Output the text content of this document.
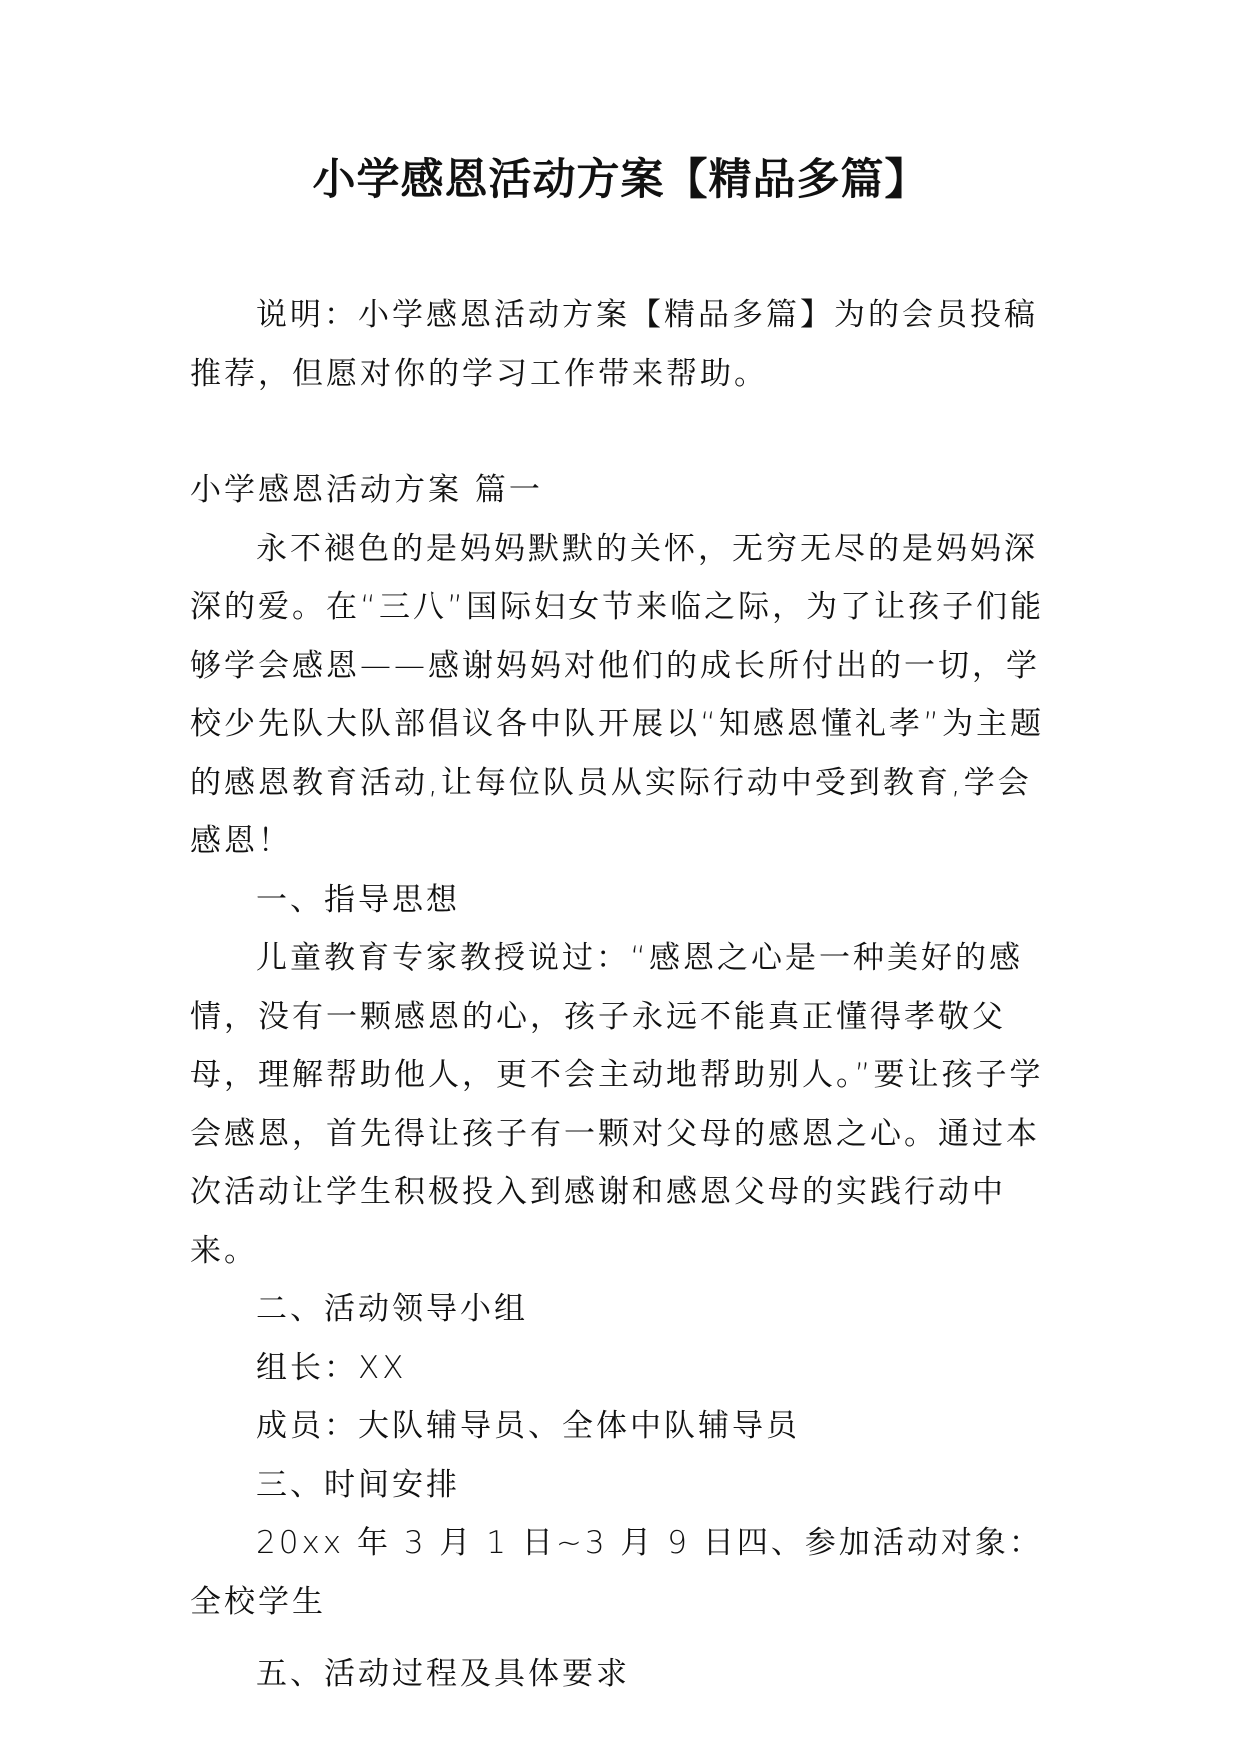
小学感恩活动方案【精品多篇】

说明：小学感恩活动方案【精品多篇】为的会员投稿推荐，但愿对你的学习工作带来帮助。

小学感恩活动方案 篇一

永不褪色的是妈妈默默的关怀，无穷无尽的是妈妈深深的爱。在“三八”国际妇女节来临之际，为了让孩子们能够学会感恩——感谢妈妈对他们的成长所付出的一切，学校少先队大队部倡议各中队开展以“知感恩懂礼孝”为主题的感恩教育活动,让每位队员从实际行动中受到教育,学会感恩！

一、指导思想

儿童教育专家教授说过：“感恩之心是一种美好的感情，没有一颗感恩的心，孩子永远不能真正懂得孝敬父母，理解帮助他人，更不会主动地帮助别人。”要让孩子学会感恩，首先得让孩子有一颗对父母的感恩之心。通过本次活动让学生积极投入到感谢和感恩父母的实践行动中来。

二、活动领导小组

组长：XX

成员：大队辅导员、全体中队辅导员

三、时间安排

20xx 年 3 月 1 日~3 月 9 日四、参加活动对象：全校学生

五、活动过程及具体要求
